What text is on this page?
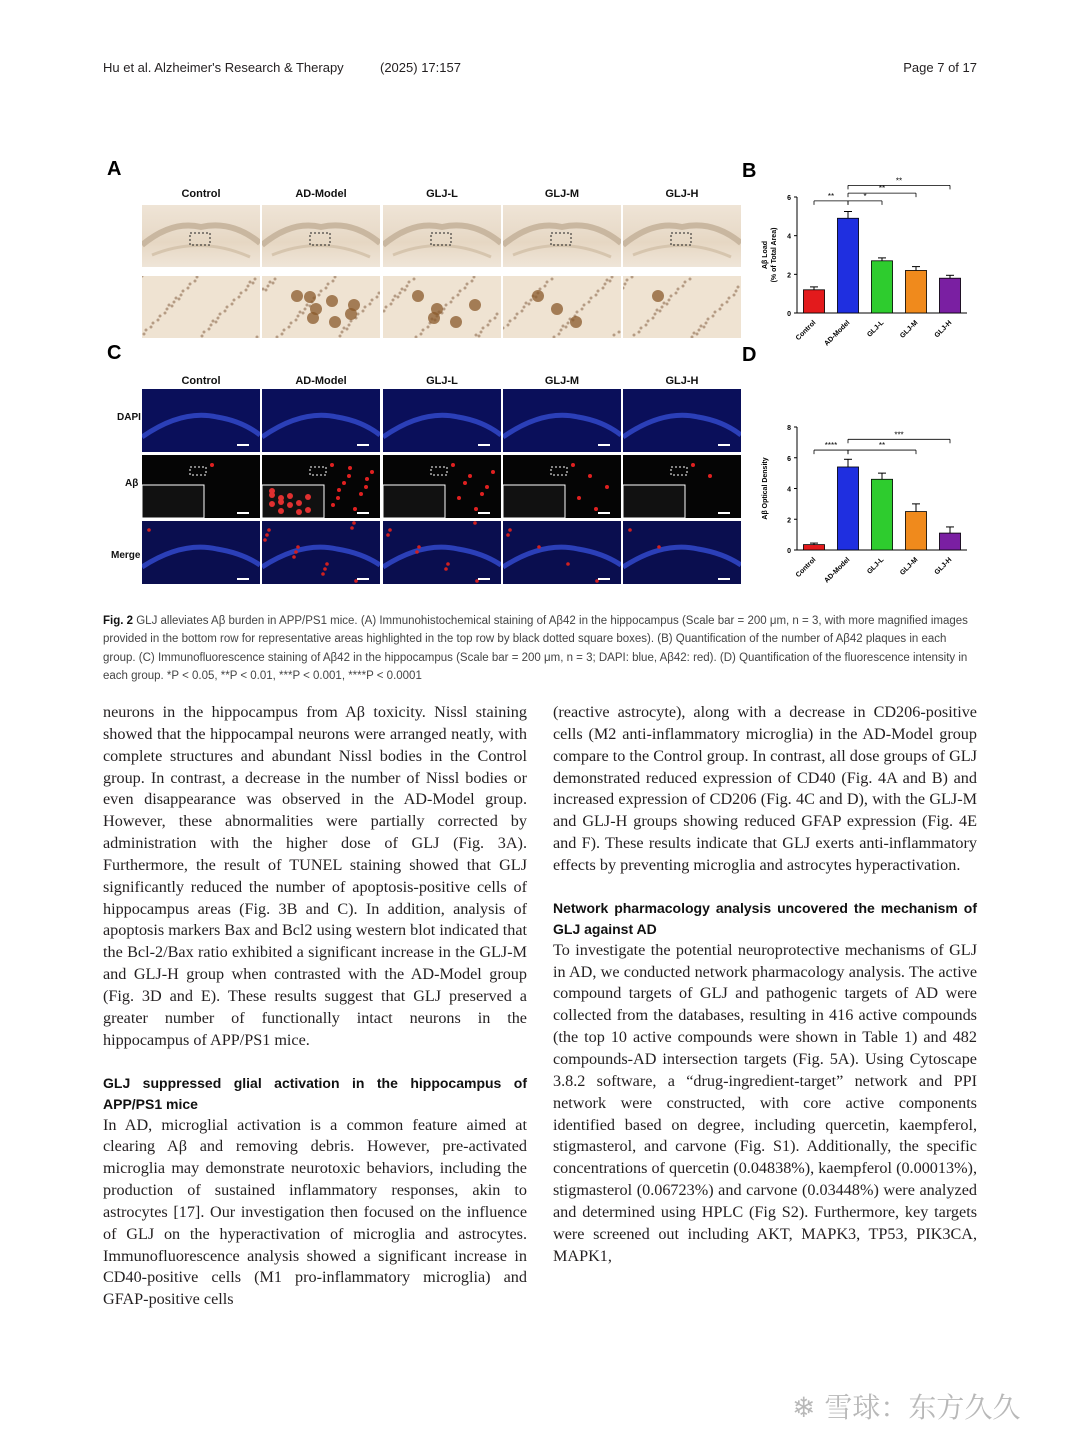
Hu et al. Alzheimer's Research & Therapy	(2025) 17:157	Page 7 of 17
A
Control	AD-Model	GLJ-L	GLJ-M	GLJ-H
B
0
2
4
6
Control AD-Model GLJ-L GLJ-M GLJ-H
Aβ Load (% of Total Area)
**	*
**
**
C
Control	AD-Model	GLJ-L	GLJ-M	GLJ-H
DAPI
Aβ
Merge
D
0
2
4
6
8
Control AD-Model GLJ-L GLJ-M GLJ-H
Aβ Optical Density
****	**
***
Fig. 2 GLJ alleviates Aβ burden in APP/PS1 mice. (A) Immunohistochemical staining of Aβ42 in the hippocampus (Scale bar = 200 μm, n = 3, with more magnified images provided in the bottom row for representative areas highlighted in the top row by black dotted square boxes). (B) Quantification of the number of Aβ42 plaques in each group. (C) Immunofluorescence staining of Aβ42 in the hippocampus (Scale bar = 200 μm, n = 3; DAPI: blue, Aβ42: red). (D) Quantification of the fluorescence intensity in each group. *P < 0.05, **P < 0.01, ***P < 0.001, ****P < 0.0001

neurons in the hippocampus from Aβ toxicity. Nissl staining showed that the hippocampal neurons were arranged neatly, with complete structures and abundant Nissl bodies in the Control group. In contrast, a decrease in the number of Nissl bodies or even disappearance was observed in the AD-Model group. However, these abnormalities were partially corrected by administration with the higher dose of GLJ (Fig. 3A). Furthermore, the result of TUNEL staining showed that GLJ significantly reduced the number of apoptosis-positive cells of hippocampus areas (Fig. 3B and C). In addition, analysis of apoptosis markers Bax and Bcl2 using western blot indicated that the Bcl-2/Bax ratio exhibited a significant increase in the GLJ-M and GLJ-H group when contrasted with the AD-Model group (Fig. 3D and E). These results suggest that GLJ preserved a greater number of functionally intact neurons in the hippocampus of APP/PS1 mice.

GLJ suppressed glial activation in the hippocampus of APP/PS1 mice

In AD, microglial activation is a common feature aimed at clearing Aβ and removing debris. However, pre-activated microglia may demonstrate neurotoxic behaviors, including the production of sustained inflammatory responses, akin to astrocytes [17]. Our investigation then focused on the influence of GLJ on the hyperactivation of microglia and astrocytes. Immunofluorescence analysis showed a significant increase in CD40-positive cells (M1 pro-inflammatory microglia) and GFAP-positive cells

(reactive astrocyte), along with a decrease in CD206-positive cells (M2 anti-inflammatory microglia) in the AD-Model group compare to the Control group. In contrast, all dose groups of GLJ demonstrated reduced expression of CD40 (Fig. 4A and B) and increased expression of CD206 (Fig. 4C and D), with the GLJ-M and GLJ-H groups showing reduced GFAP expression (Fig. 4E and F). These results indicate that GLJ exerts anti-inflammatory effects by preventing microglia and astrocytes hyperactivation.

Network pharmacology analysis uncovered the mechanism of GLJ against AD

To investigate the potential neuroprotective mechanisms of GLJ in AD, we conducted network pharmacology analysis. The active compound targets of GLJ and pathogenic targets of AD were collected from the databases, resulting in 416 active compounds (the top 10 active compounds were shown in Table 1) and 482 compounds-AD intersection targets (Fig. 5A). Using Cytoscape 3.8.2 software, a “drug-ingredient-target” network and PPI network were constructed, with core active components identified based on degree, including quercetin, kaempferol, stigmasterol, and carvone (Fig. S1). Additionally, the specific concentrations of quercetin (0.04838%), kaempferol (0.00013%), stigmasterol (0.06723%) and carvone (0.03448%) were analyzed and determined using HPLC (Fig S2). Furthermore, key targets were screened out including AKT, MAPK3, TP53, PIK3CA, MAPK1,

❄ 雪球：东方久久
